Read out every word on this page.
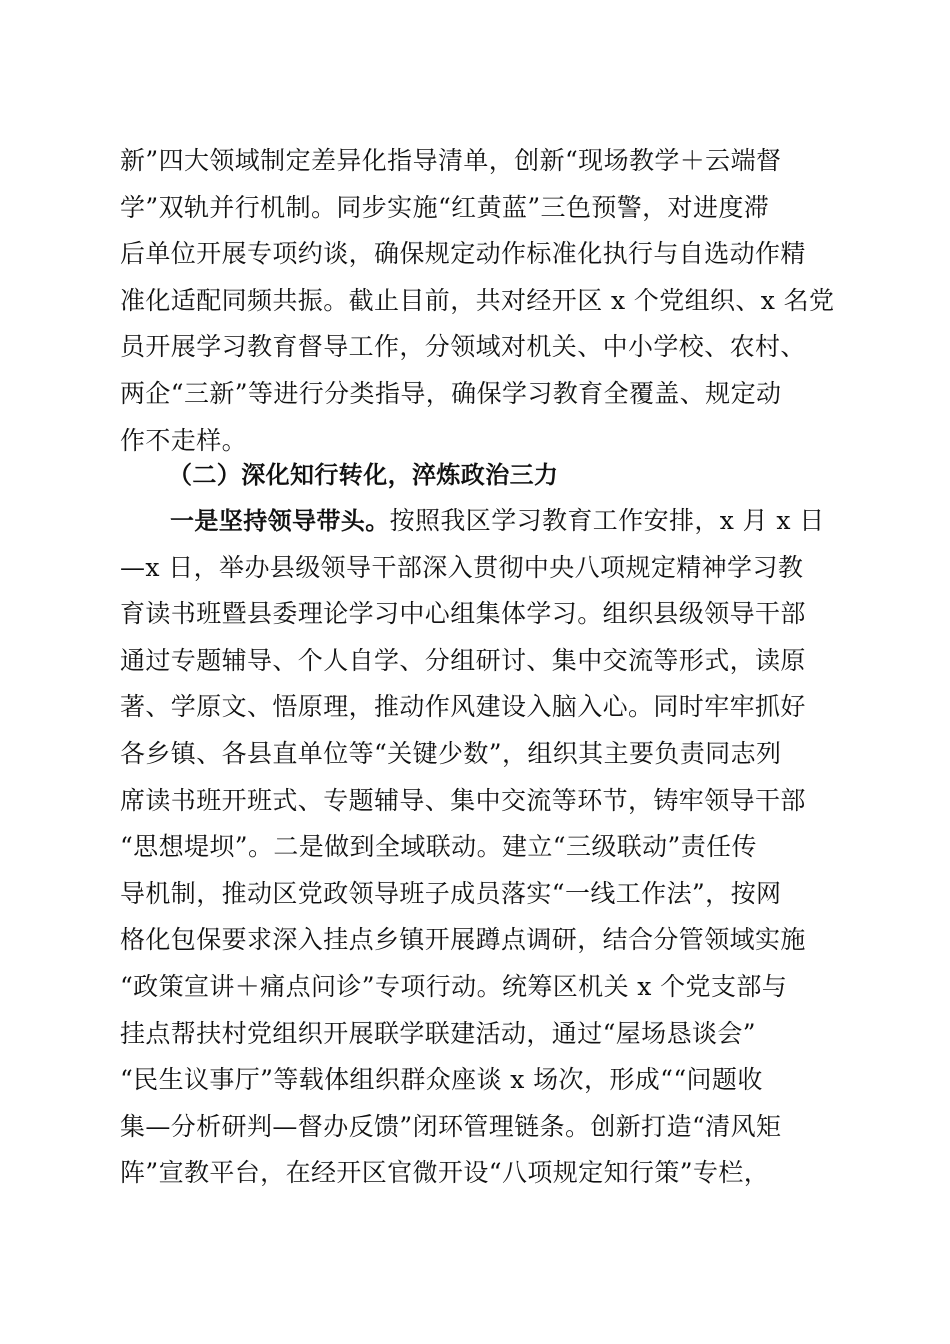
新”四大领域制定差异化指导清单，创新“现场教学＋云端督
学”双轨并行机制。同步实施“红黄蓝”三色预警，对进度滞
后单位开展专项约谈，确保规定动作标准化执行与自选动作精
准化适配同频共振。截止目前，共对经开区 x 个党组织、x 名党
员开展学习教育督导工作，分领域对机关、中小学校、农村、
两企“三新”等进行分类指导，确保学习教育全覆盖、规定动
作不走样。
（二）深化知行转化，淬炼政治三力
一是坚持领导带头。按照我区学习教育工作安排，x 月 x 日
—x 日，举办县级领导干部深入贯彻中央八项规定精神学习教
育读书班暨县委理论学习中心组集体学习。组织县级领导干部
通过专题辅导、个人自学、分组研讨、集中交流等形式，读原
著、学原文、悟原理，推动作风建设入脑入心。同时牢牢抓好
各乡镇、各县直单位等“关键少数”，组织其主要负责同志列
席读书班开班式、专题辅导、集中交流等环节，铸牢领导干部
“思想堤坝”。二是做到全域联动。建立“三级联动”责任传
导机制，推动区党政领导班子成员落实“一线工作法”，按网
格化包保要求深入挂点乡镇开展蹲点调研，结合分管领域实施
“政策宣讲＋痛点问诊”专项行动。统筹区机关 x 个党支部与
挂点帮扶村党组织开展联学联建活动，通过“屋场恳谈会”
“民生议事厅”等载体组织群众座谈 x 场次，形成““问题收
集—分析研判—督办反馈”闭环管理链条。创新打造“清风矩
阵”宣教平台，在经开区官微开设“八项规定知行策”专栏，
